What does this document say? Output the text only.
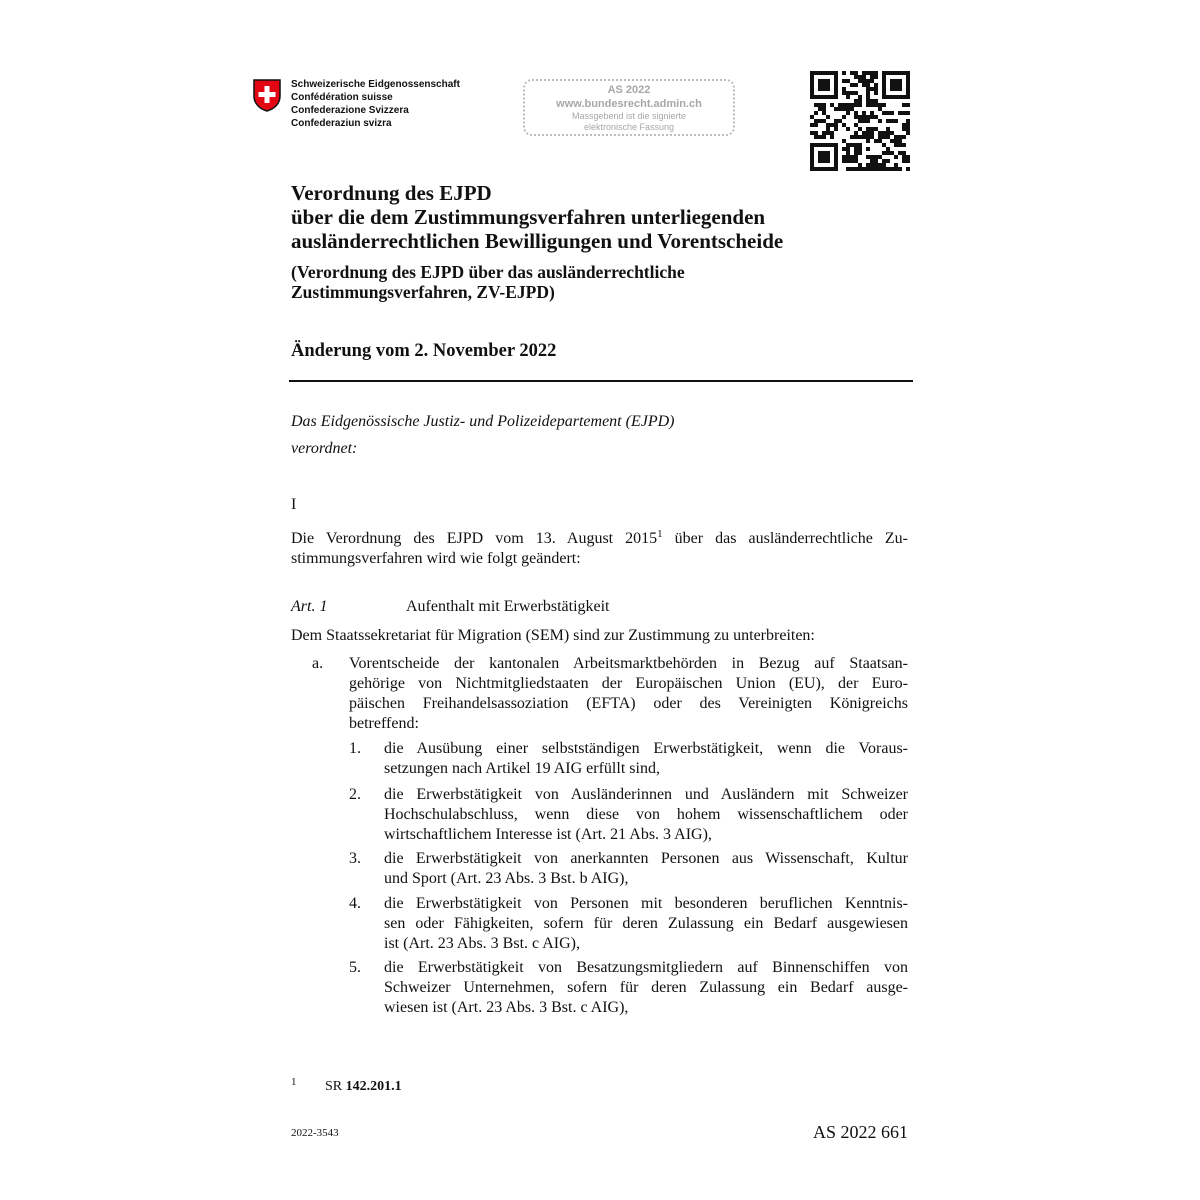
Schweizerische Eidgenossenschaft
Confédération suisse
Confederazione Svizzera
Confederaziun svizra
AS 2022
www.bundesrecht.admin.ch
Massgebend ist die signierte
elektronische Fassung
Verordnung des EJPD
über die dem Zustimmungsverfahren unterliegenden
ausländerrechtlichen Bewilligungen und Vorentscheide
(Verordnung des EJPD über das ausländerrechtliche
Zustimmungsverfahren, ZV-EJPD)
Änderung vom 2. November 2022
Das Eidgenössische Justiz- und Polizeidepartement (EJPD)
verordnet:
I
Die Verordnung des EJPD vom 13. August 2015$^1$ über das ausländerrechtliche Zu-
stimmungsverfahren wird wie folgt geändert:
Art. 1	Aufenthalt mit Erwerbstätigkeit
Dem Staatssekretariat für Migration (SEM) sind zur Zustimmung zu unterbreiten:
a. Vorentscheide der kantonalen Arbeitsmarktbehörden in Bezug auf Staatsan-
gehörige von Nichtmitgliedstaaten der Europäischen Union (EU), der Euro-
päischen Freihandelsassoziation (EFTA) oder des Vereinigten Königreichs
betreffend:
1. die Ausübung einer selbstständigen Erwerbstätigkeit, wenn die Voraus-
setzungen nach Artikel 19 AIG erfüllt sind,
2. die Erwerbstätigkeit von Ausländerinnen und Ausländern mit Schweizer
Hochschulabschluss, wenn diese von hohem wissenschaftlichem oder
wirtschaftlichem Interesse ist (Art. 21 Abs. 3 AIG),
3. die Erwerbstätigkeit von anerkannten Personen aus Wissenschaft, Kultur
und Sport (Art. 23 Abs. 3 Bst. b AIG),
4. die Erwerbstätigkeit von Personen mit besonderen beruflichen Kenntnis-
sen oder Fähigkeiten, sofern für deren Zulassung ein Bedarf ausgewiesen
ist (Art. 23 Abs. 3 Bst. c AIG),
5. die Erwerbstätigkeit von Besatzungsmitgliedern auf Binnenschiffen von
Schweizer Unternehmen, sofern für deren Zulassung ein Bedarf ausge-
wiesen ist (Art. 23 Abs. 3 Bst. c AIG),
1 SR 142.201.1
2022-3543	AS 2022 661
